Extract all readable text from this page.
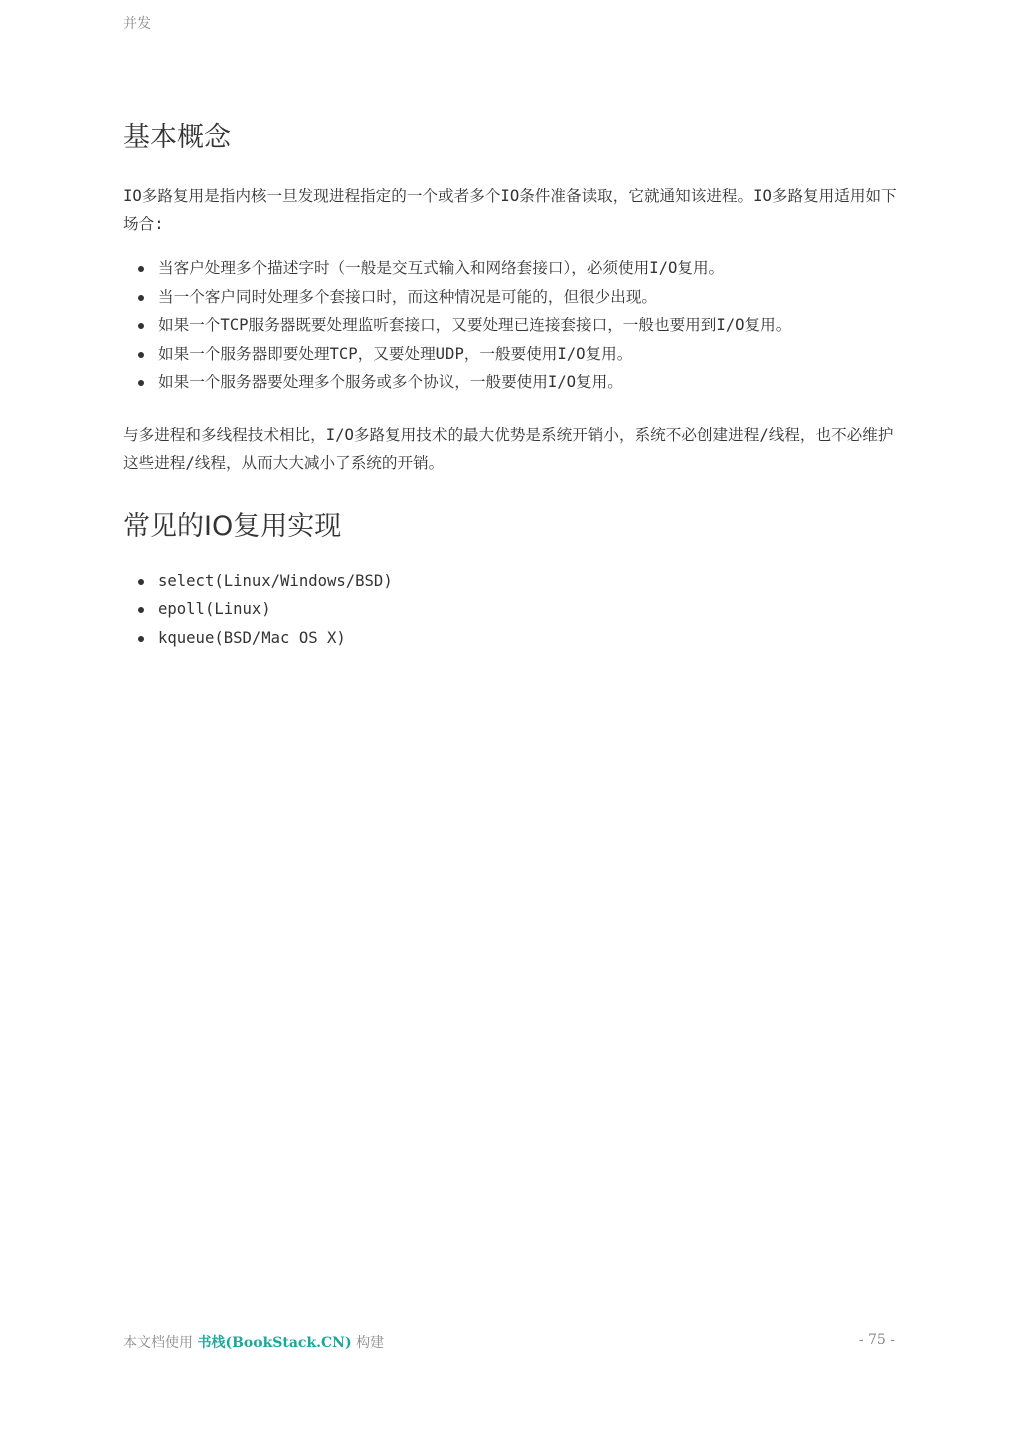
并发
基本概念

IO多路复用是指内核一旦发现进程指定的一个或者多个IO条件准备读取，它就通知该进程。IO多路复用适用如下场合:

当客户处理多个描述字时（一般是交互式输入和网络套接口），必须使用I/O复用。
当一个客户同时处理多个套接口时，而这种情况是可能的，但很少出现。
如果一个TCP服务器既要处理监听套接口，又要处理已连接套接口，一般也要用到I/O复用。
如果一个服务器即要处理TCP，又要处理UDP，一般要使用I/O复用。
如果一个服务器要处理多个服务或多个协议，一般要使用I/O复用。

与多进程和多线程技术相比，I/O多路复用技术的最大优势是系统开销小，系统不必创建进程/线程，也不必维护这些进程/线程，从而大大减小了系统的开销。

常见的IO复用实现
select(Linux/Windows/BSD)
epoll(Linux)
kqueue(BSD/Mac OS X)
本文档使用 书栈(BookStack.CN) 构建	- 75 -
